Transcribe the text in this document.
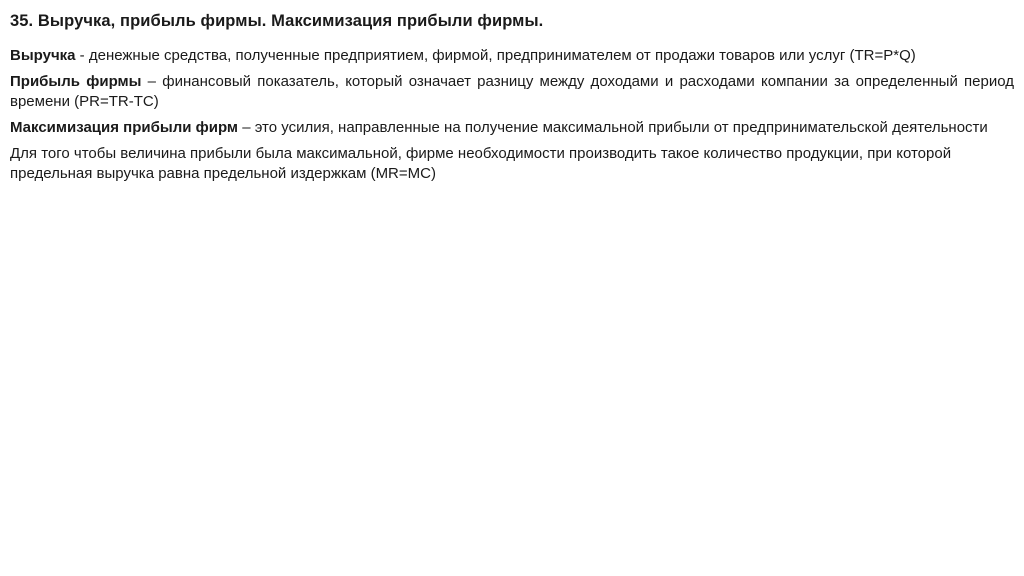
35. Выручка, прибыль фирмы. Максимизация прибыли фирмы.

Выручка - денежные средства, полученные предприятием, фирмой, предпринимателем от продажи товаров или услуг (TR=P*Q)

Прибыль фирмы – финансовый показатель, который означает разницу между доходами и расходами компании за определенный период времени (PR=TR-TC)

Максимизация прибыли фирм – это усилия, направленные на получение максимальной прибыли от предпринимательской деятельности

Для того чтобы величина прибыли была максимальной, фирме необходимости производить такое количество продукции, при которой предельная выручка равна предельной издержкам (MR=MC)
